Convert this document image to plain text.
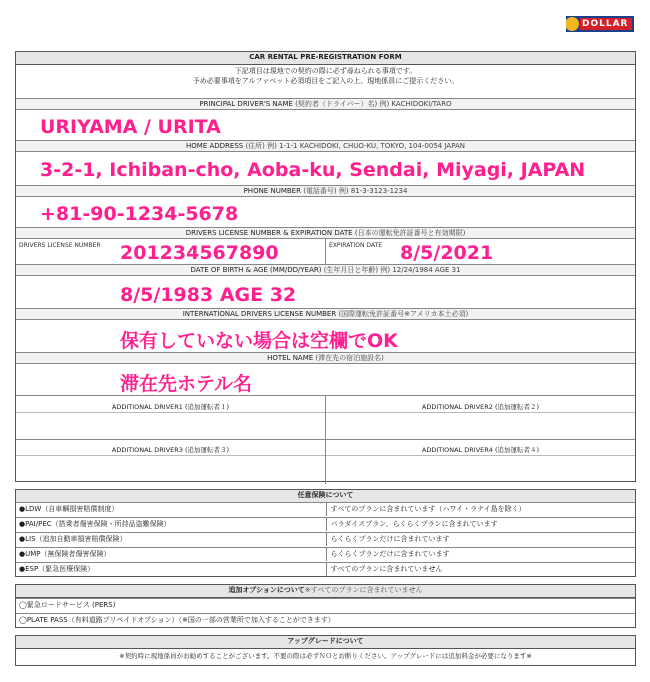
DOLLAR
CAR RENTAL PRE-REGISTRATION FORM
下記項目は現地での契約の際に必ず尋ねられる事項です。
予め必要事項をアルファベット必須項目をご記入の上、現地係員にご提示ください。
PRINCIPAL DRIVER'S NAME (契約者（ドライバー）名) 例) KACHIDOKI/TARO
URIYAMA / URITA
HOME ADDRESS (住所) 例) 1-1-1 KACHIDOKI, CHUO-KU, TOKYO, 104-0054 JAPAN
3-2-1, Ichiban-cho, Aoba-ku, Sendai, Miyagi, JAPAN
PHONE NUMBER (電話番号) 例) 81-3-3123-1234
+81-90-1234-5678
DRIVERS LICENSE NUMBER & EXPIRATION DATE (日本の運転免許証番号と有効期限)
DRIVERS LICENSE NUMBER 201234567890	EXPIRATION DATE 8/5/2021
DATE OF BIRTH & AGE (MM/DD/YEAR) (生年月日と年齢) 例) 12/24/1984 AGE 31
8/5/1983 AGE 32
INTERNATIONAL DRIVERS LICENSE NUMBER (国際運転免許証番号※アメリカ本土必須)
保有していない場合は空欄でOK
HOTEL NAME (滞在先の宿泊施設名)
滞在先ホテル名
ADDITIONAL DRIVER1 (追加運転者１)	ADDITIONAL DRIVER2 (追加運転者２)
ADDITIONAL DRIVER3 (追加運転者３)	ADDITIONAL DRIVER4 (追加運転者４)
任意保険について
●LDW（自車輌損害賠償制度）	すべてのプランに含まれています（ハワイ・ラナイ島を除く）
●PAI/PEC（搭乗者傷害保険・所持品盗難保険）	パラダイスプラン、らくらくプランに含まれています
●LIS（追加自動車損害賠償保険）	らくらくプランだけに含まれています
●UMP（無保険者傷害保険）	らくらくプランだけに含まれています
●ESP（緊急医療保険）	すべてのプランに含まれていません
追加オプションについて※すべてのプランに含まれていません
◯緊急ロードサービス (PERS)
◯PLATE PASS（有料道路プリペイドオプション）（※国の一部の営業所で加入することができます）
アップグレードについて
※契約時に現地係員がお勧めすることがございます。不要の際は必ずＮＯとお断りください。アップグレードには追加料金が必要になります※
